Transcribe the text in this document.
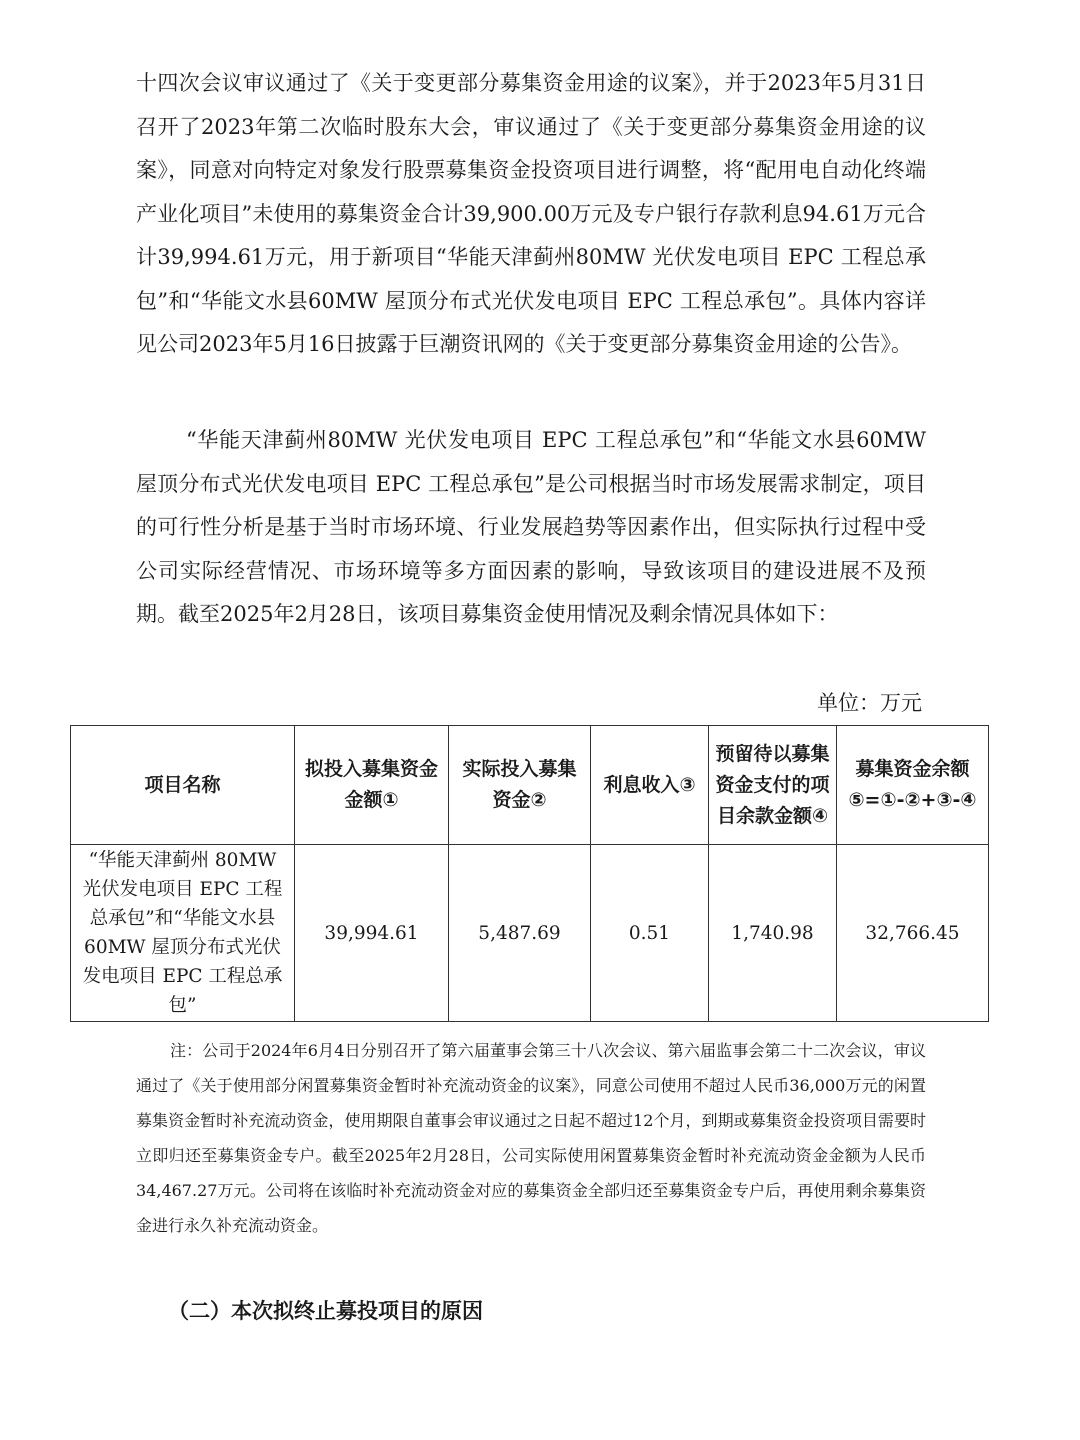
十四次会议审议通过了《关于变更部分募集资金用途的议案》，并于2023年5月31日召开了2023年第二次临时股东大会，审议通过了《关于变更部分募集资金用途的议案》，同意对向特定对象发行股票募集资金投资项目进行调整，将“配用电自动化终端产业化项目”未使用的募集资金合计39,900.00万元及专户银行存款利息94.61万元合计39,994.61万元，用于新项目“华能天津蓟州80MW 光伏发电项目 EPC 工程总承包”和“华能文水县60MW 屋顶分布式光伏发电项目 EPC 工程总承包”。具体内容详见公司2023年5月16日披露于巨潮资讯网的《关于变更部分募集资金用途的公告》。

“华能天津蓟州80MW 光伏发电项目 EPC 工程总承包”和“华能文水县60MW 屋顶分布式光伏发电项目 EPC 工程总承包”是公司根据当时市场发展需求制定，项目的可行性分析是基于当时市场环境、行业发展趋势等因素作出，但实际执行过程中受公司实际经营情况、市场环境等多方面因素的影响，导致该项目的建设进展不及预期。截至2025年2月28日，该项目募集资金使用情况及剩余情况具体如下：

单位：万元
项目名称	拟投入募集资金金额①	实际投入募集资金②	利息收入③	预留待以募集资金支付的项目余款金额④	募集资金余额⑤=①-②+③-④
“华能天津蓟州 80MW 光伏发电项目 EPC 工程总承包”和“华能文水县 60MW 屋顶分布式光伏发电项目 EPC 工程总承包”	39,994.61	5,487.69	0.51	1,740.98	32,766.45

注：公司于2024年6月4日分别召开了第六届董事会第三十八次会议、第六届监事会第二十二次会议，审议通过了《关于使用部分闲置募集资金暂时补充流动资金的议案》，同意公司使用不超过人民币36,000万元的闲置募集资金暂时补充流动资金，使用期限自董事会审议通过之日起不超过12个月，到期或募集资金投资项目需要时立即归还至募集资金专户。截至2025年2月28日，公司实际使用闲置募集资金暂时补充流动资金金额为人民币34,467.27万元。公司将在该临时补充流动资金对应的募集资金全部归还至募集资金专户后，再使用剩余募集资金进行永久补充流动资金。

（二）本次拟终止募投项目的原因
